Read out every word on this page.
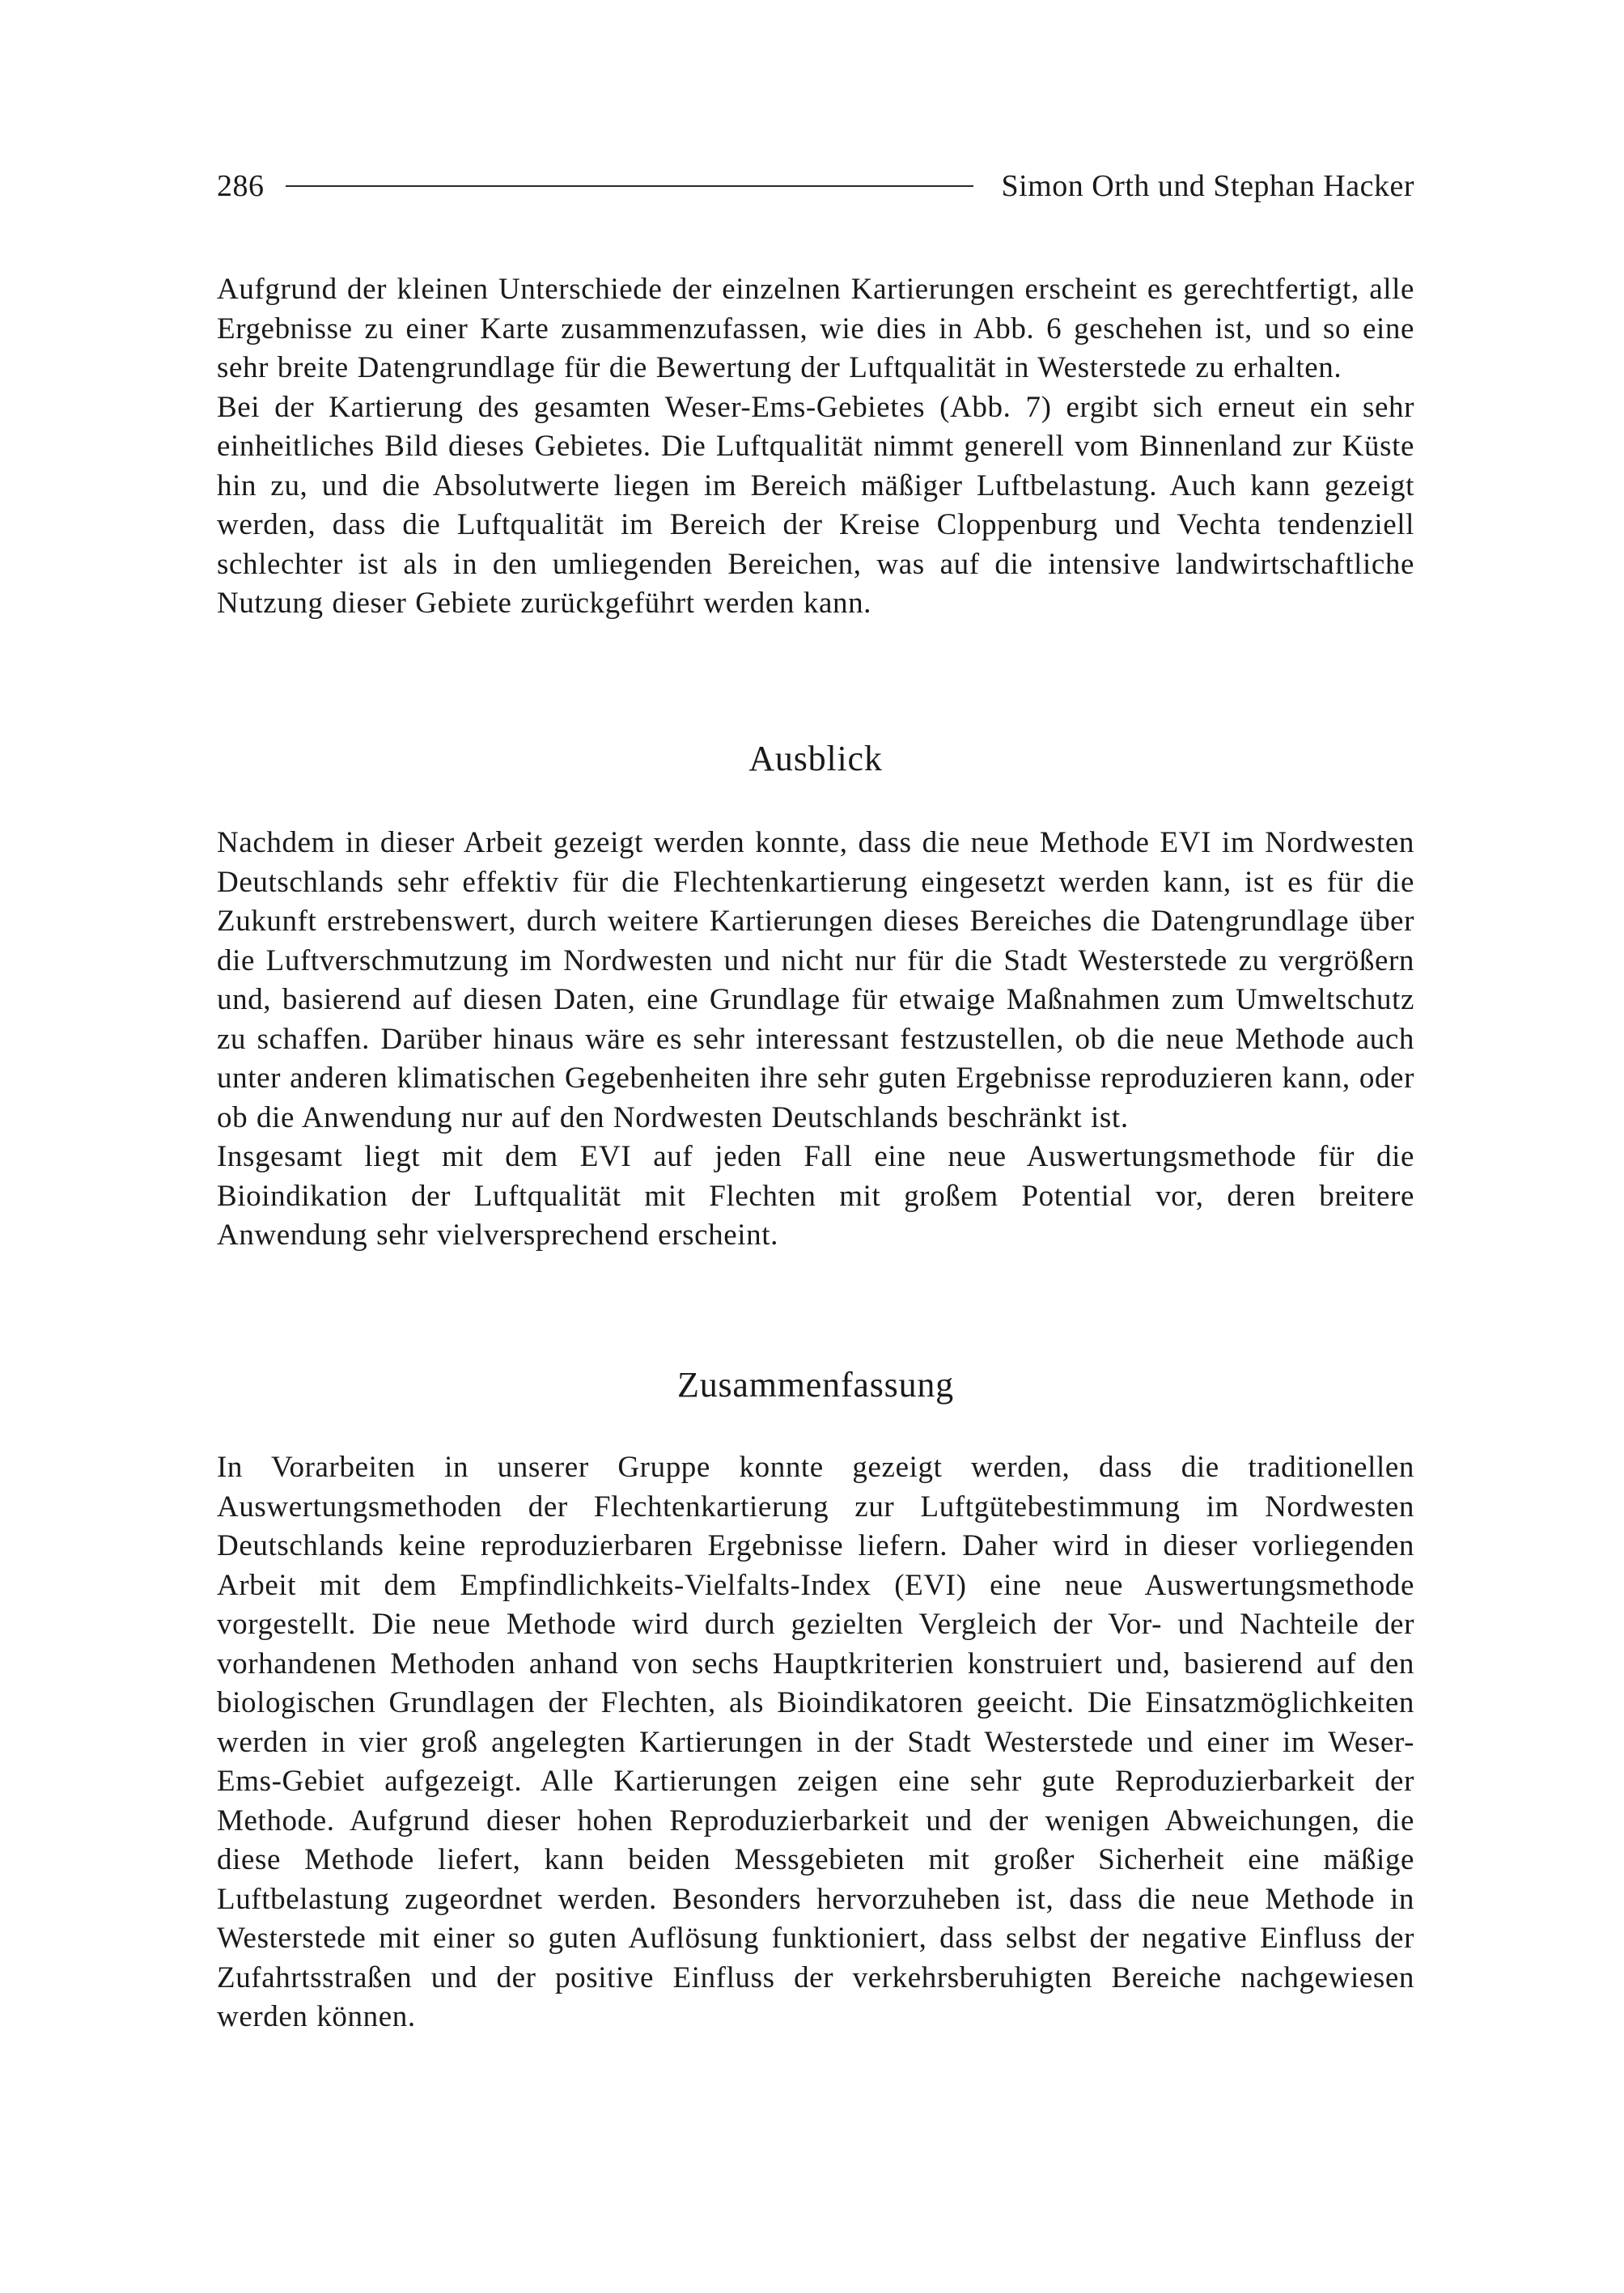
286	Simon Orth und Stephan Hacker

Aufgrund der kleinen Unterschiede der einzelnen Kartierungen erscheint es gerechtfertigt, alle Ergebnisse zu einer Karte zusammenzufassen, wie dies in Abb. 6 geschehen ist, und so eine sehr breite Datengrundlage für die Bewertung der Luftqualität in Westerstede zu erhalten.

Bei der Kartierung des gesamten Weser-Ems-Gebietes (Abb. 7) ergibt sich erneut ein sehr einheitliches Bild dieses Gebietes. Die Luftqualität nimmt generell vom Binnenland zur Küste hin zu, und die Absolutwerte liegen im Bereich mäßiger Luftbelastung. Auch kann gezeigt werden, dass die Luftqualität im Bereich der Kreise Cloppenburg und Vechta tendenziell schlechter ist als in den umliegenden Bereichen, was auf die intensive landwirtschaftliche Nutzung dieser Gebiete zurückgeführt werden kann.

Ausblick

Nachdem in dieser Arbeit gezeigt werden konnte, dass die neue Methode EVI im Nordwesten Deutschlands sehr effektiv für die Flechtenkartierung eingesetzt werden kann, ist es für die Zukunft erstrebenswert, durch weitere Kartierungen dieses Bereiches die Datengrundlage über die Luftverschmutzung im Nordwesten und nicht nur für die Stadt Westerstede zu vergrößern und, basierend auf diesen Daten, eine Grundlage für etwaige Maßnahmen zum Umweltschutz zu schaffen. Darüber hinaus wäre es sehr interessant festzustellen, ob die neue Methode auch unter anderen klimatischen Gegebenheiten ihre sehr guten Ergebnisse reproduzieren kann, oder ob die Anwendung nur auf den Nordwesten Deutschlands beschränkt ist.

Insgesamt liegt mit dem EVI auf jeden Fall eine neue Auswertungsmethode für die Bioindikation der Luftqualität mit Flechten mit großem Potential vor, deren breitere Anwendung sehr vielversprechend erscheint.

Zusammenfassung

In Vorarbeiten in unserer Gruppe konnte gezeigt werden, dass die traditionellen Auswertungsmethoden der Flechtenkartierung zur Luftgütebestimmung im Nordwesten Deutschlands keine reproduzierbaren Ergebnisse liefern. Daher wird in dieser vorliegenden Arbeit mit dem Empfindlichkeits-Vielfalts-Index (EVI) eine neue Auswertungsmethode vorgestellt. Die neue Methode wird durch gezielten Vergleich der Vor- und Nachteile der vorhandenen Methoden anhand von sechs Hauptkriterien konstruiert und, basierend auf den biologischen Grundlagen der Flechten, als Bioindikatoren geeicht. Die Einsatzmöglichkeiten werden in vier groß angelegten Kartierungen in der Stadt Westerstede und einer im Weser-Ems-Gebiet aufgezeigt. Alle Kartierungen zeigen eine sehr gute Reproduzierbarkeit der Methode. Aufgrund dieser hohen Reproduzierbarkeit und der wenigen Abweichungen, die diese Methode liefert, kann beiden Messgebieten mit großer Sicherheit eine mäßige Luftbelastung zugeordnet werden. Besonders hervorzuheben ist, dass die neue Methode in Westerstede mit einer so guten Auflösung funktioniert, dass selbst der negative Einfluss der Zufahrtsstraßen und der positive Einfluss der verkehrsberuhigten Bereiche nachgewiesen werden können.
